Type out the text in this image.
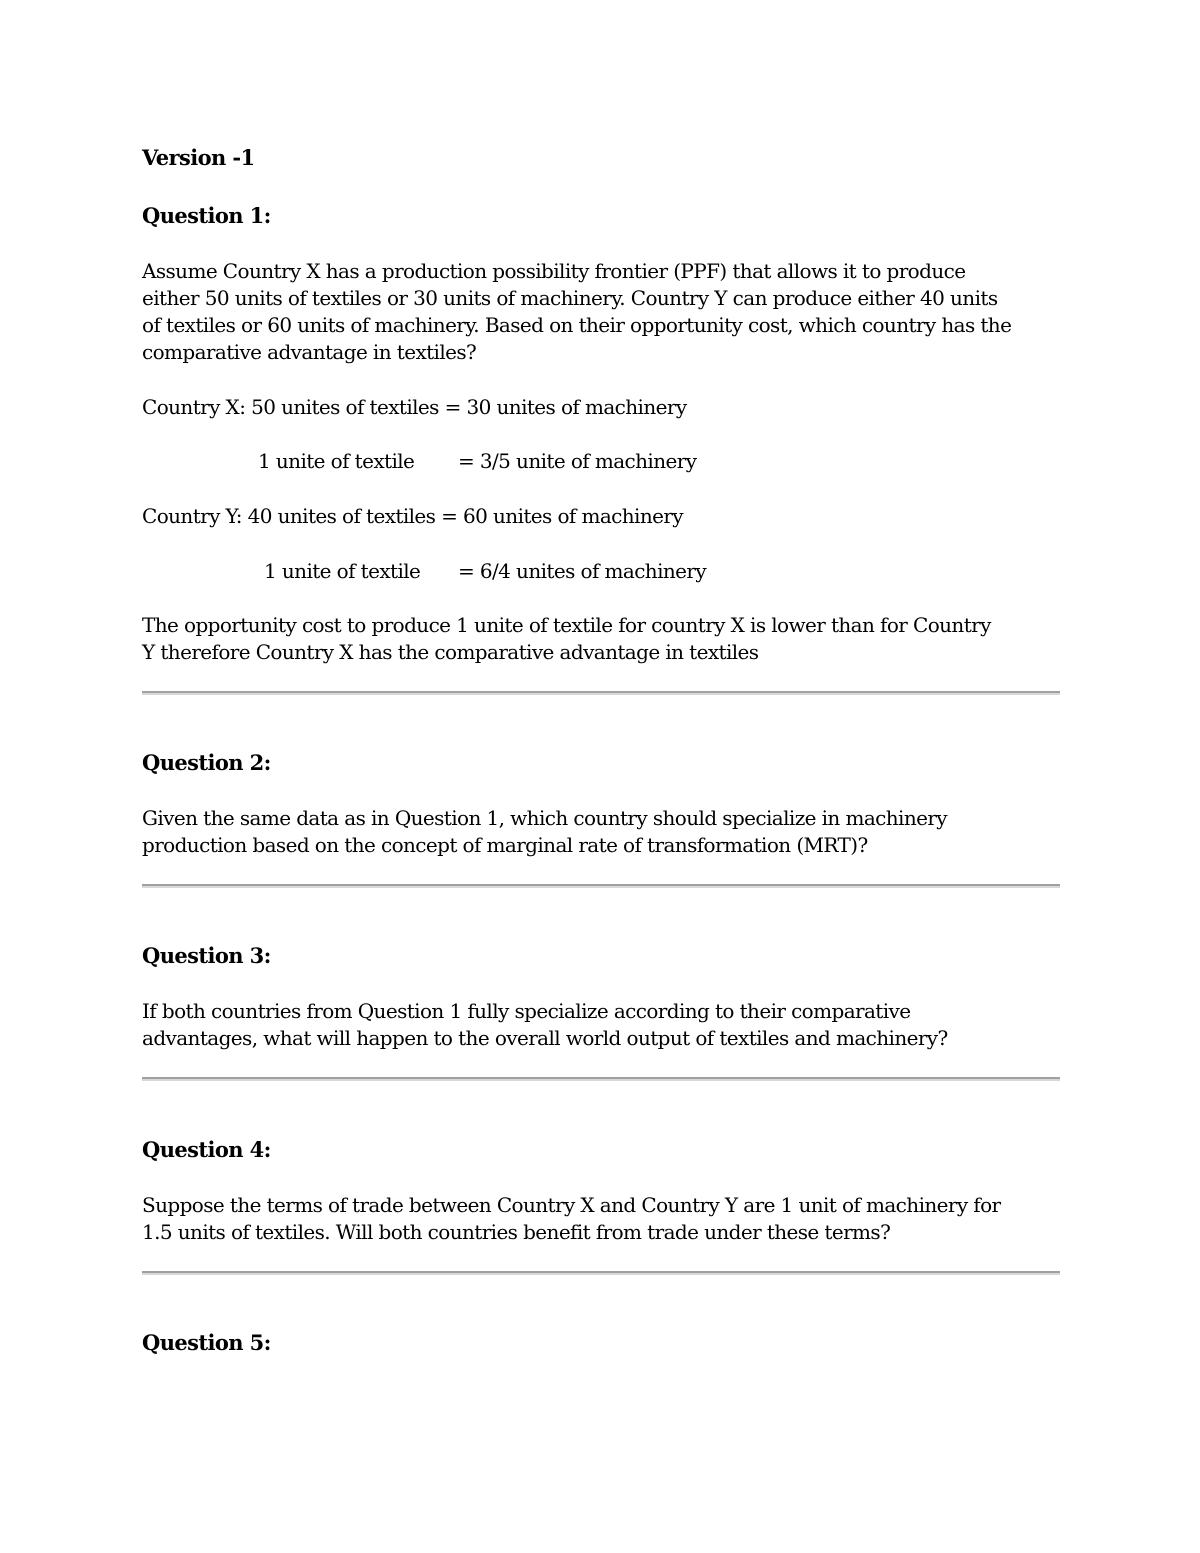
Version -1
Question 1:
Assume Country X has a production possibility frontier (PPF) that allows it to produce
either 50 units of textiles or 30 units of machinery. Country Y can produce either 40 units
of textiles or 60 units of machinery. Based on their opportunity cost, which country has the
comparative advantage in textiles?
Country X: 50 unites of textiles = 30 unites of machinery
1 unite of textile = 3/5 unite of machinery
Country Y: 40 unites of textiles = 60 unites of machinery
1 unite of textile = 6/4 unites of machinery
The opportunity cost to produce 1 unite of textile for country X is lower than for Country
Y therefore Country X has the comparative advantage in textiles
Question 2:
Given the same data as in Question 1, which country should specialize in machinery
production based on the concept of marginal rate of transformation (MRT)?
Question 3:
If both countries from Question 1 fully specialize according to their comparative
advantages, what will happen to the overall world output of textiles and machinery?
Question 4:
Suppose the terms of trade between Country X and Country Y are 1 unit of machinery for
1.5 units of textiles. Will both countries benefit from trade under these terms?
Question 5:
